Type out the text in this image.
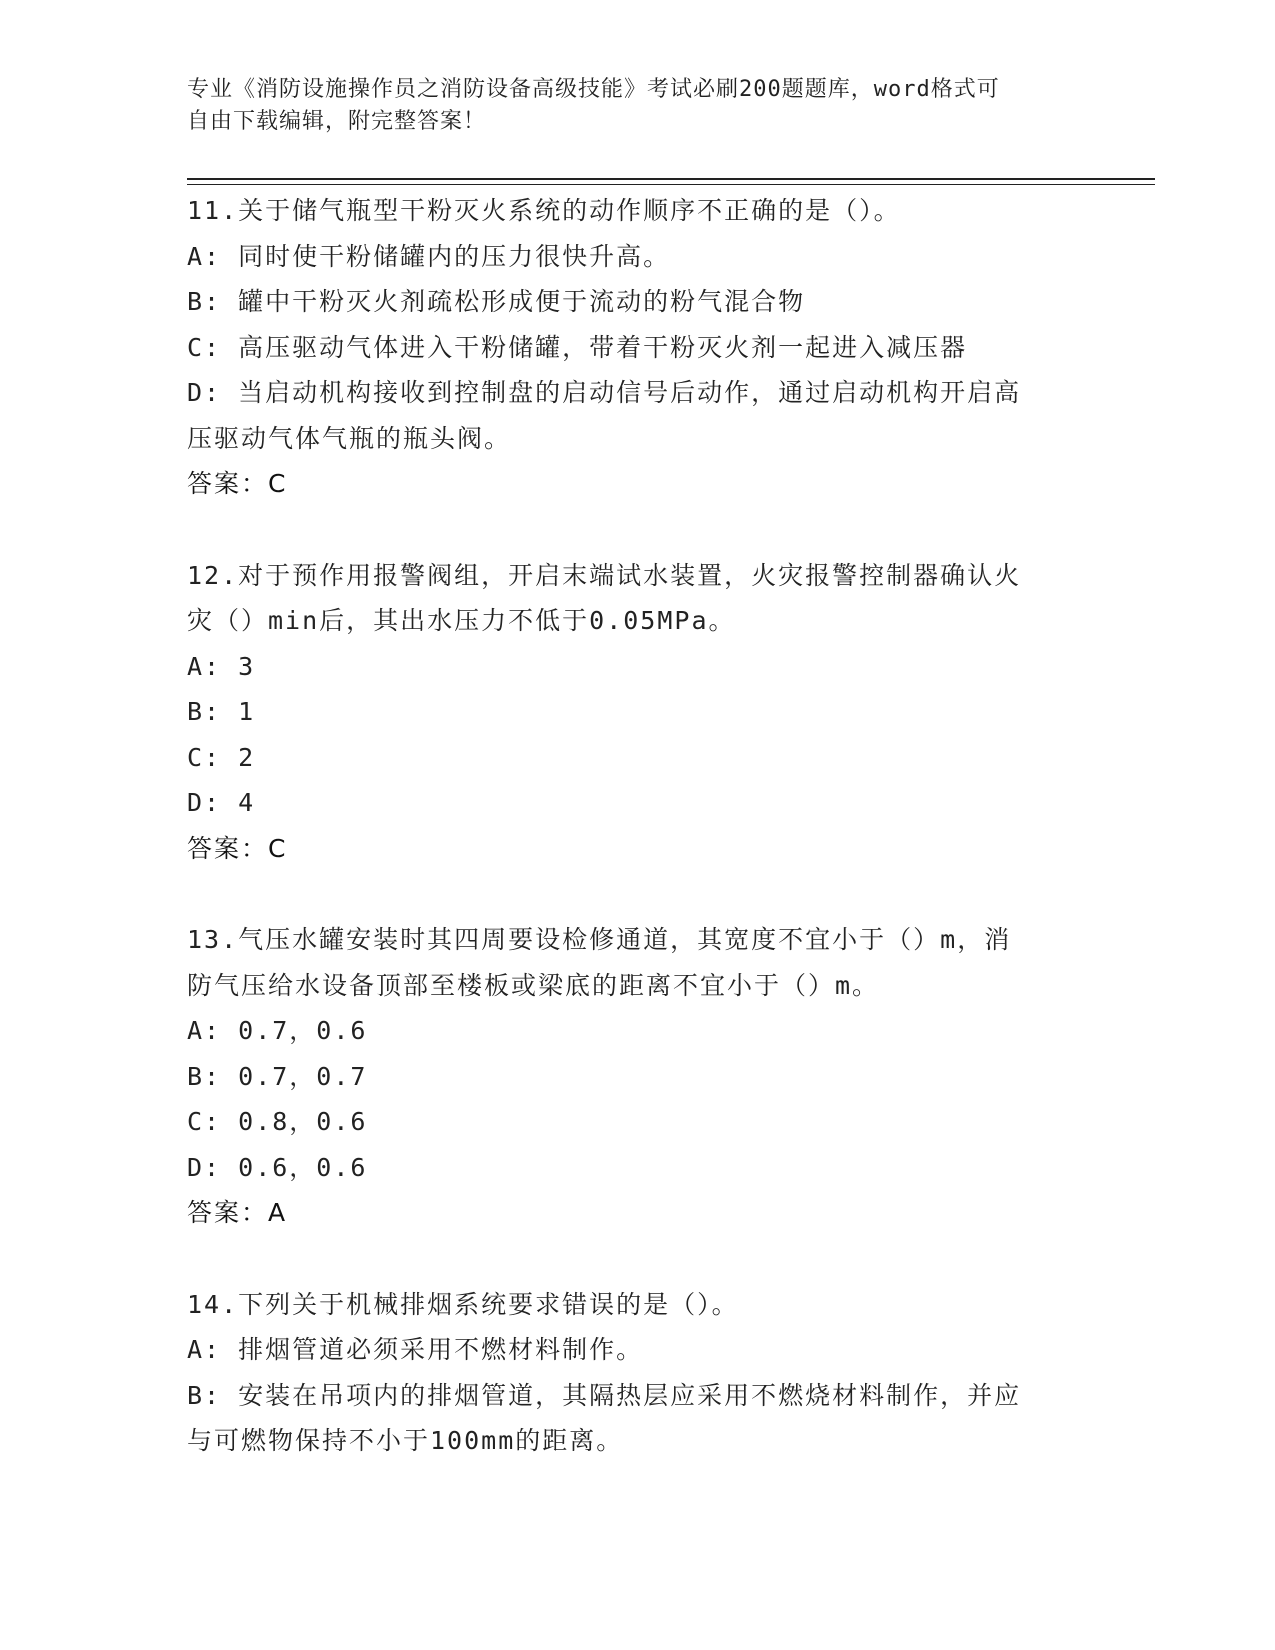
专业《消防设施操作员之消防设备高级技能》考试必刷200题题库，word格式可
自由下载编辑，附完整答案！
11.关于储气瓶型干粉灭火系统的动作顺序不正确的是（）。
A: 同时使干粉储罐内的压力很快升高。
B: 罐中干粉灭火剂疏松形成便于流动的粉气混合物
C: 高压驱动气体进入干粉储罐，带着干粉灭火剂一起进入减压器
D: 当启动机构接收到控制盘的启动信号后动作，通过启动机构开启高
压驱动气体气瓶的瓶头阀。
答案：C
12.对于预作用报警阀组，开启末端试水装置，火灾报警控制器确认火
灾（）min后，其出水压力不低于0.05MPa。
A: 3
B: 1
C: 2
D: 4
答案：C
13.气压水罐安装时其四周要设检修通道，其宽度不宜小于（）m，消
防气压给水设备顶部至楼板或梁底的距离不宜小于（）m。
A: 0.7，0.6
B: 0.7，0.7
C: 0.8，0.6
D: 0.6，0.6
答案：A
14.下列关于机械排烟系统要求错误的是（）。
A: 排烟管道必须采用不燃材料制作。
B: 安装在吊项内的排烟管道，其隔热层应采用不燃烧材料制作，并应
与可燃物保持不小于100mm的距离。
